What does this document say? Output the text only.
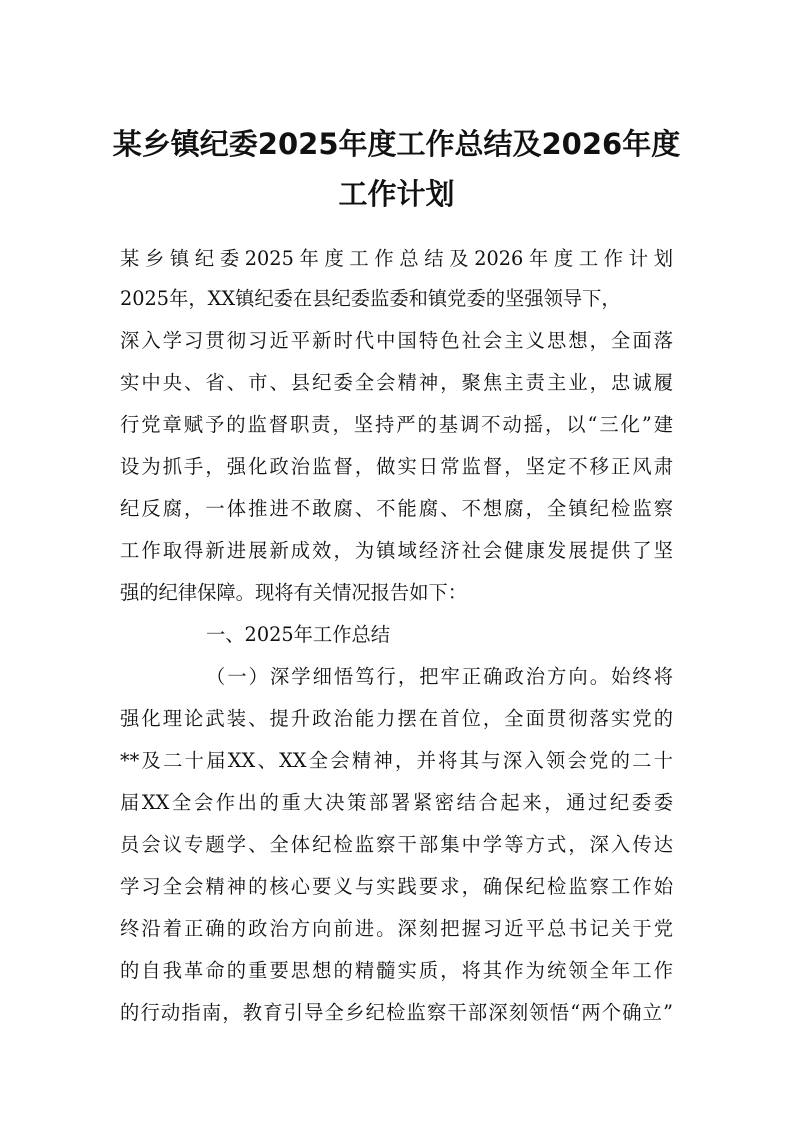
某乡镇纪委2025年度工作总结及2026年度
工作计划

某乡镇纪委2025年度工作总结及2026年度工作计划

2025年，XX镇纪委在县纪委监委和镇党委的坚强领导下，

深入学习贯彻习近平新时代中国特色社会主义思想，全面落

实中央、省、市、县纪委全会精神，聚焦主责主业，忠诚履

行党章赋予的监督职责，坚持严的基调不动摇，以“三化”建

设为抓手，强化政治监督，做实日常监督，坚定不移正风肃

纪反腐，一体推进不敢腐、不能腐、不想腐，全镇纪检监察

工作取得新进展新成效，为镇域经济社会健康发展提供了坚

强的纪律保障。现将有关情况报告如下：

一、2025年工作总结

（一）深学细悟笃行，把牢正确政治方向。始终将

强化理论武装、提升政治能力摆在首位，全面贯彻落实党的

**及二十届XX、XX全会精神，并将其与深入领会党的二十

届XX全会作出的重大决策部署紧密结合起来，通过纪委委

员会议专题学、全体纪检监察干部集中学等方式，深入传达

学习全会精神的核心要义与实践要求，确保纪检监察工作始

终沿着正确的政治方向前进。深刻把握习近平总书记关于党

的自我革命的重要思想的精髓实质，将其作为统领全年工作

的行动指南，教育引导全乡纪检监察干部深刻领悟“两个确立”
